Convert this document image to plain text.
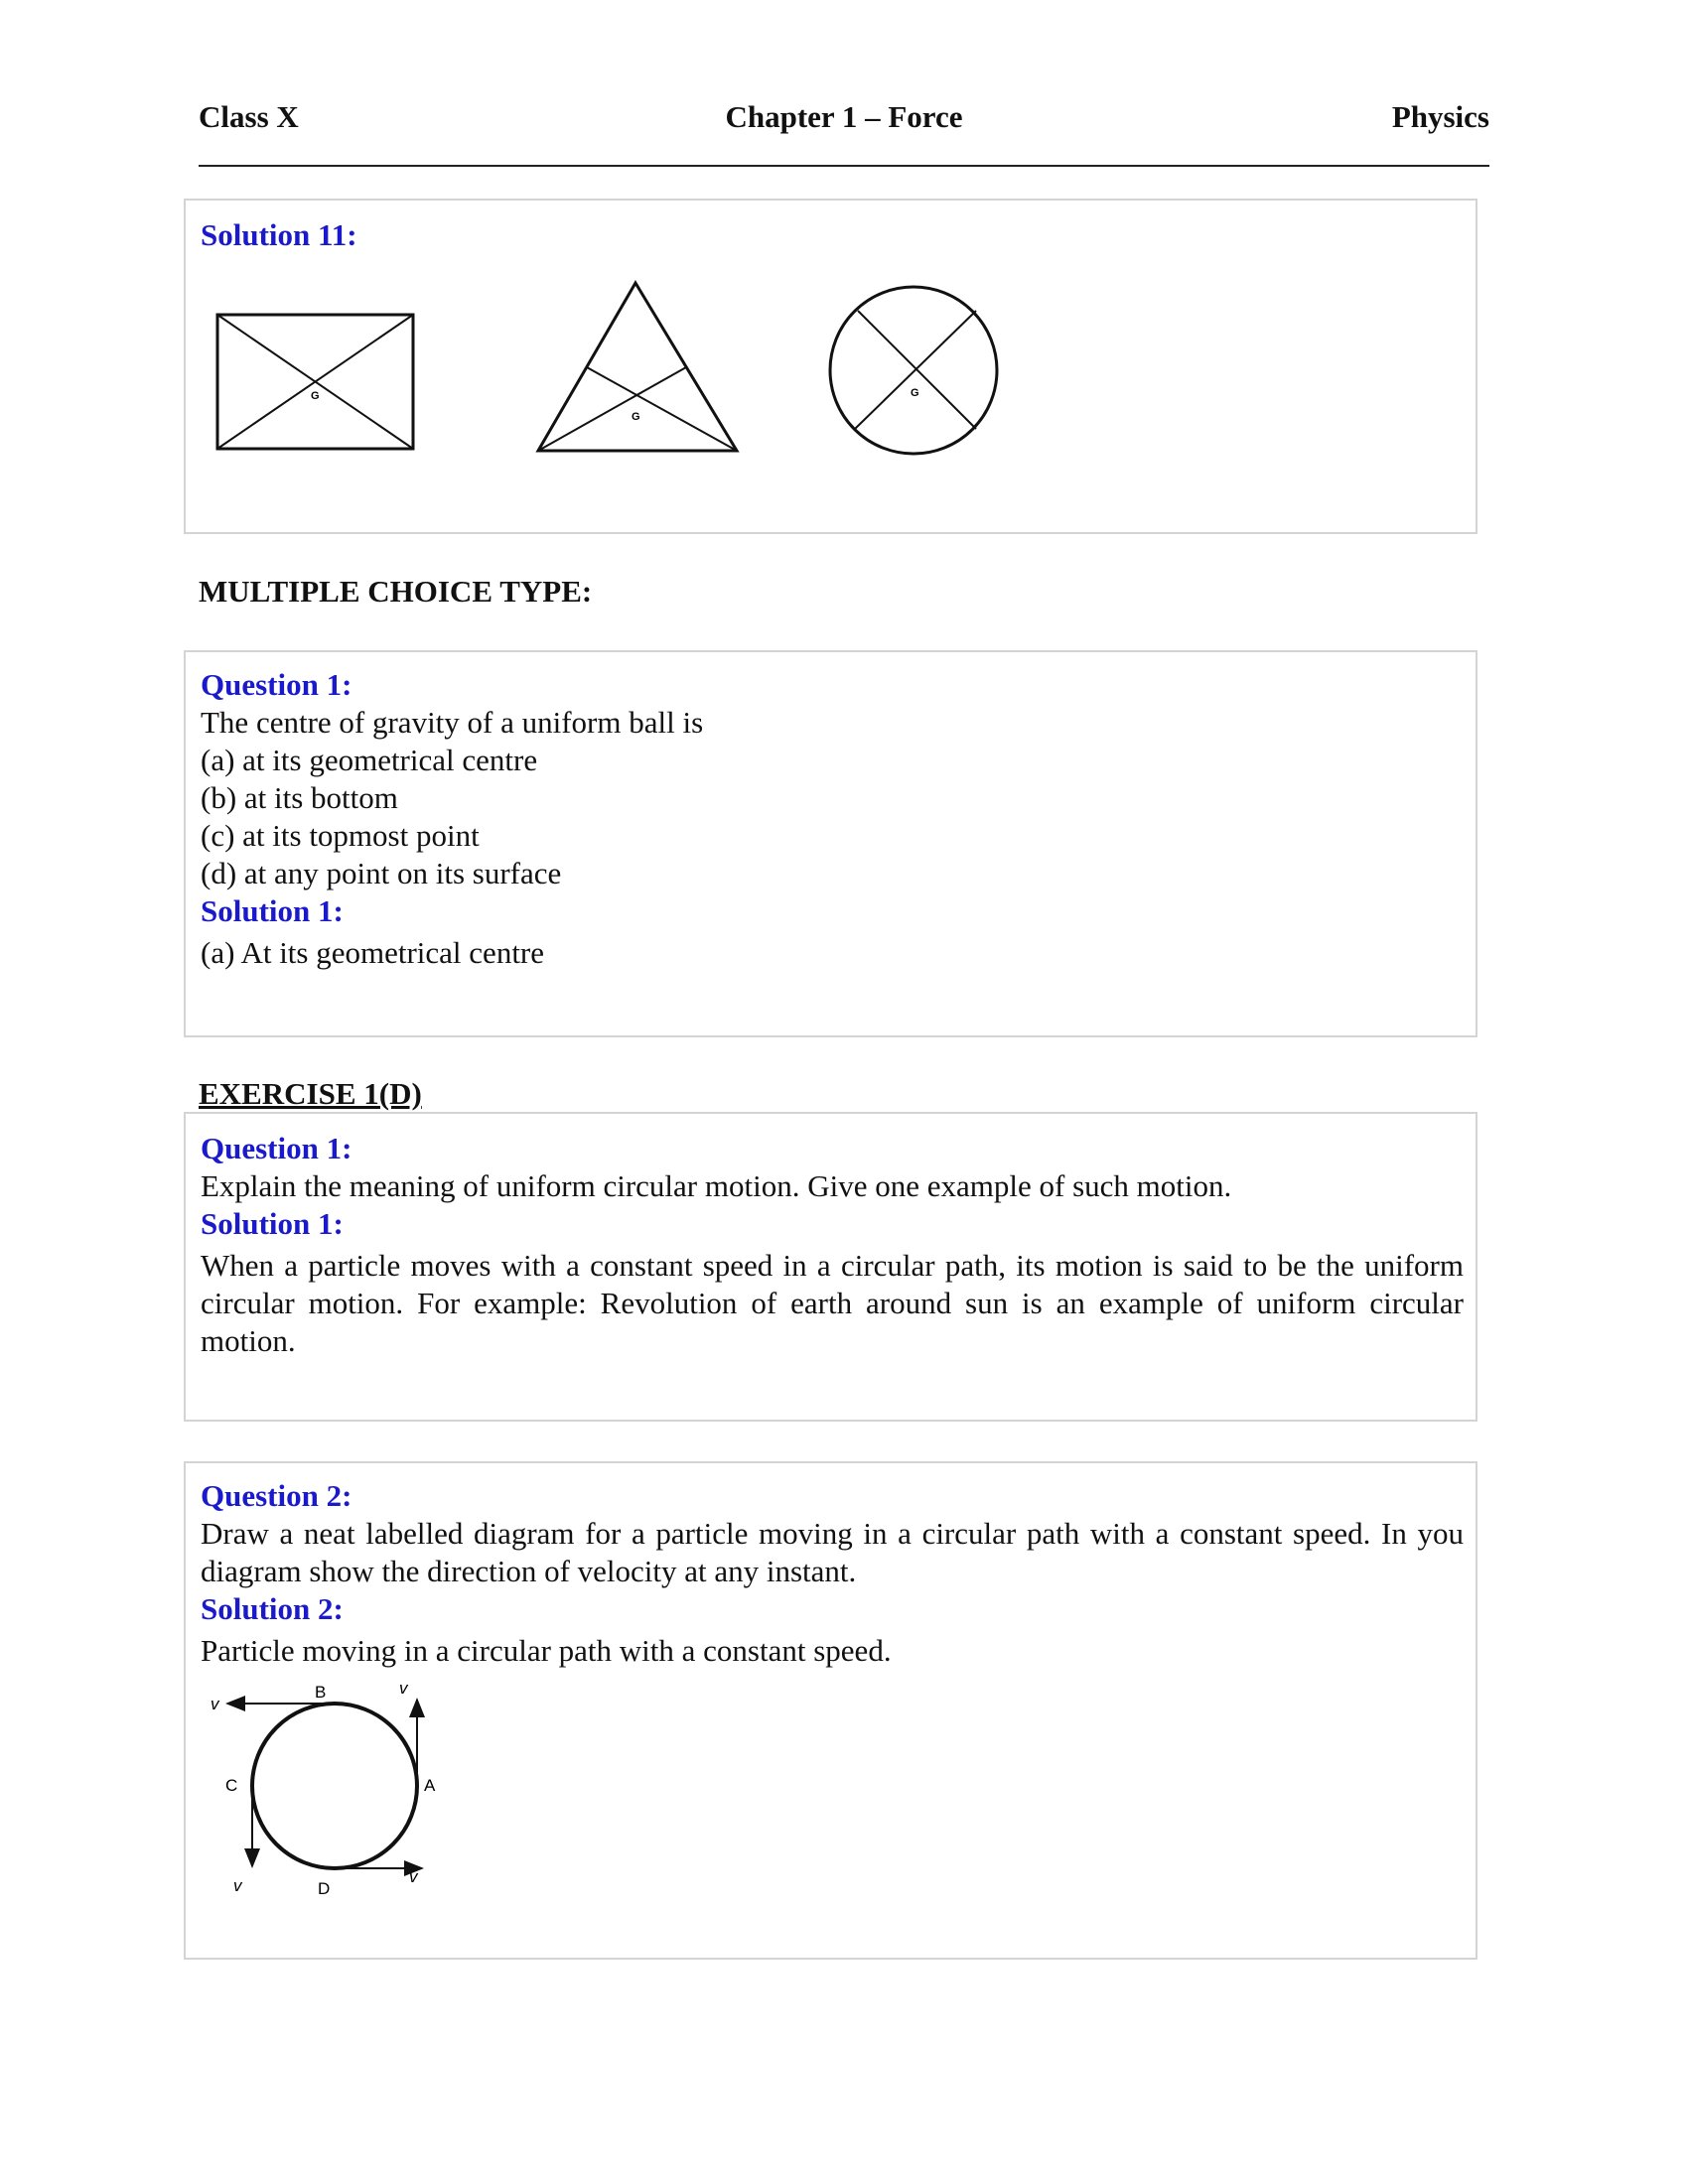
Class X	Chapter 1 – Force	Physics
Solution 11:
G
G
G
MULTIPLE CHOICE TYPE:
Question 1:
The centre of gravity of a uniform ball is
(a) at its geometrical centre
(b) at its bottom
(c) at its topmost point
(d) at any point on its surface
Solution 1:
(a) At its geometrical centre
EXERCISE 1(D)
Question 1:
Explain the meaning of uniform circular motion. Give one example of such motion.
Solution 1:
When a particle moves with a constant speed in a circular path, its motion is said to be the uniform circular motion. For example: Revolution of earth around sun is an example of uniform circular motion.
Question 2:
Draw a neat labelled diagram for a particle moving in a circular path with a constant speed. In you diagram show the direction of velocity at any instant.
Solution 2:
Particle moving in a circular path with a constant speed.
B
A
C
D
v
v
v	v
